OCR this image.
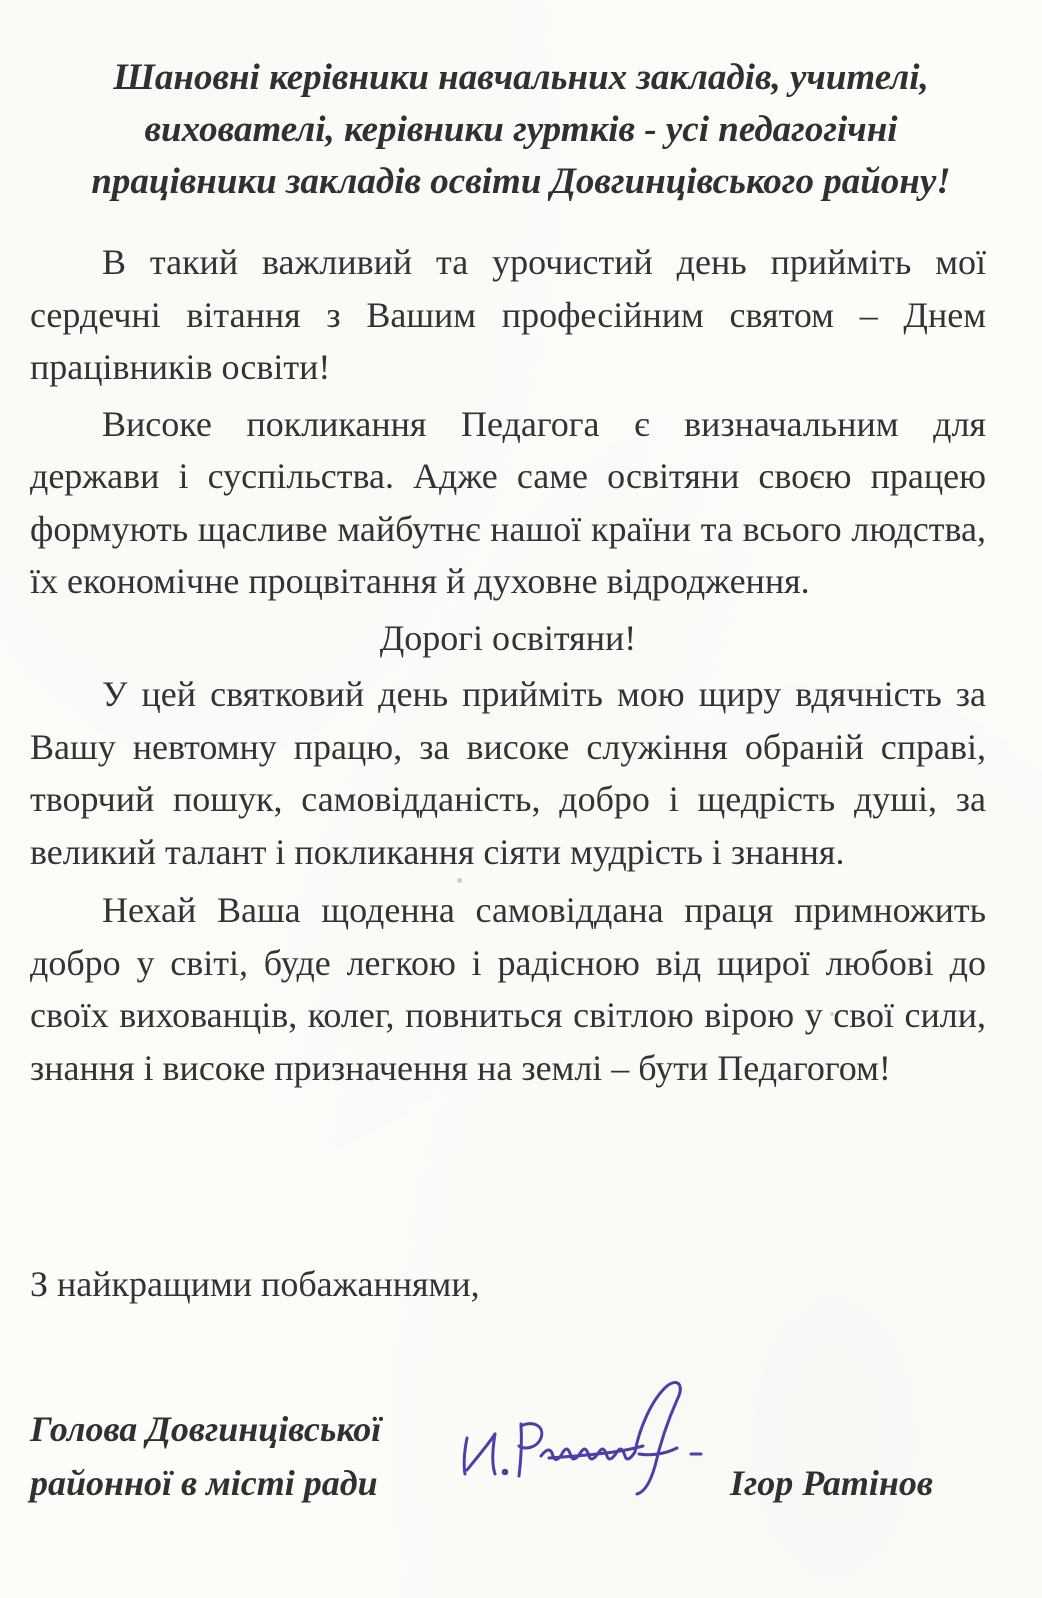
Шановні керівники навчальних закладів, учителі,
вихователі, керівники гуртків - усі педагогічні
працівники закладів освіти Довгинцівського району!

В такий важливий та урочистий день прийміть мої сердечні вітання з Вашим професійним святом – Днем працівників освіти!

Високе покликання Педагога є визначальним для держави і суспільства. Адже саме освітяни своєю працею формують щасливе майбутнє нашої країни та всього людства, їх економічне процвітання й духовне відродження.

Дорогі освітяни!

У цей святковий день прийміть мою щиру вдячність за Вашу невтомну працю, за високе служіння обраній справі, творчий пошук, самовідданість, добро і щедрість душі, за великий талант і покликання сіяти мудрість і знання.

Нехай Ваша щоденна самовіддана праця примножить добро у світі, буде легкою і радісною від щирої любові до своїх вихованців, колег, повниться світлою вірою у свої сили, знання і високе призначення на землі – бути Педагогом!

З найкращими побажаннями,

Голова Довгинцівської
районної в місті ради	Ігор Ратінов
